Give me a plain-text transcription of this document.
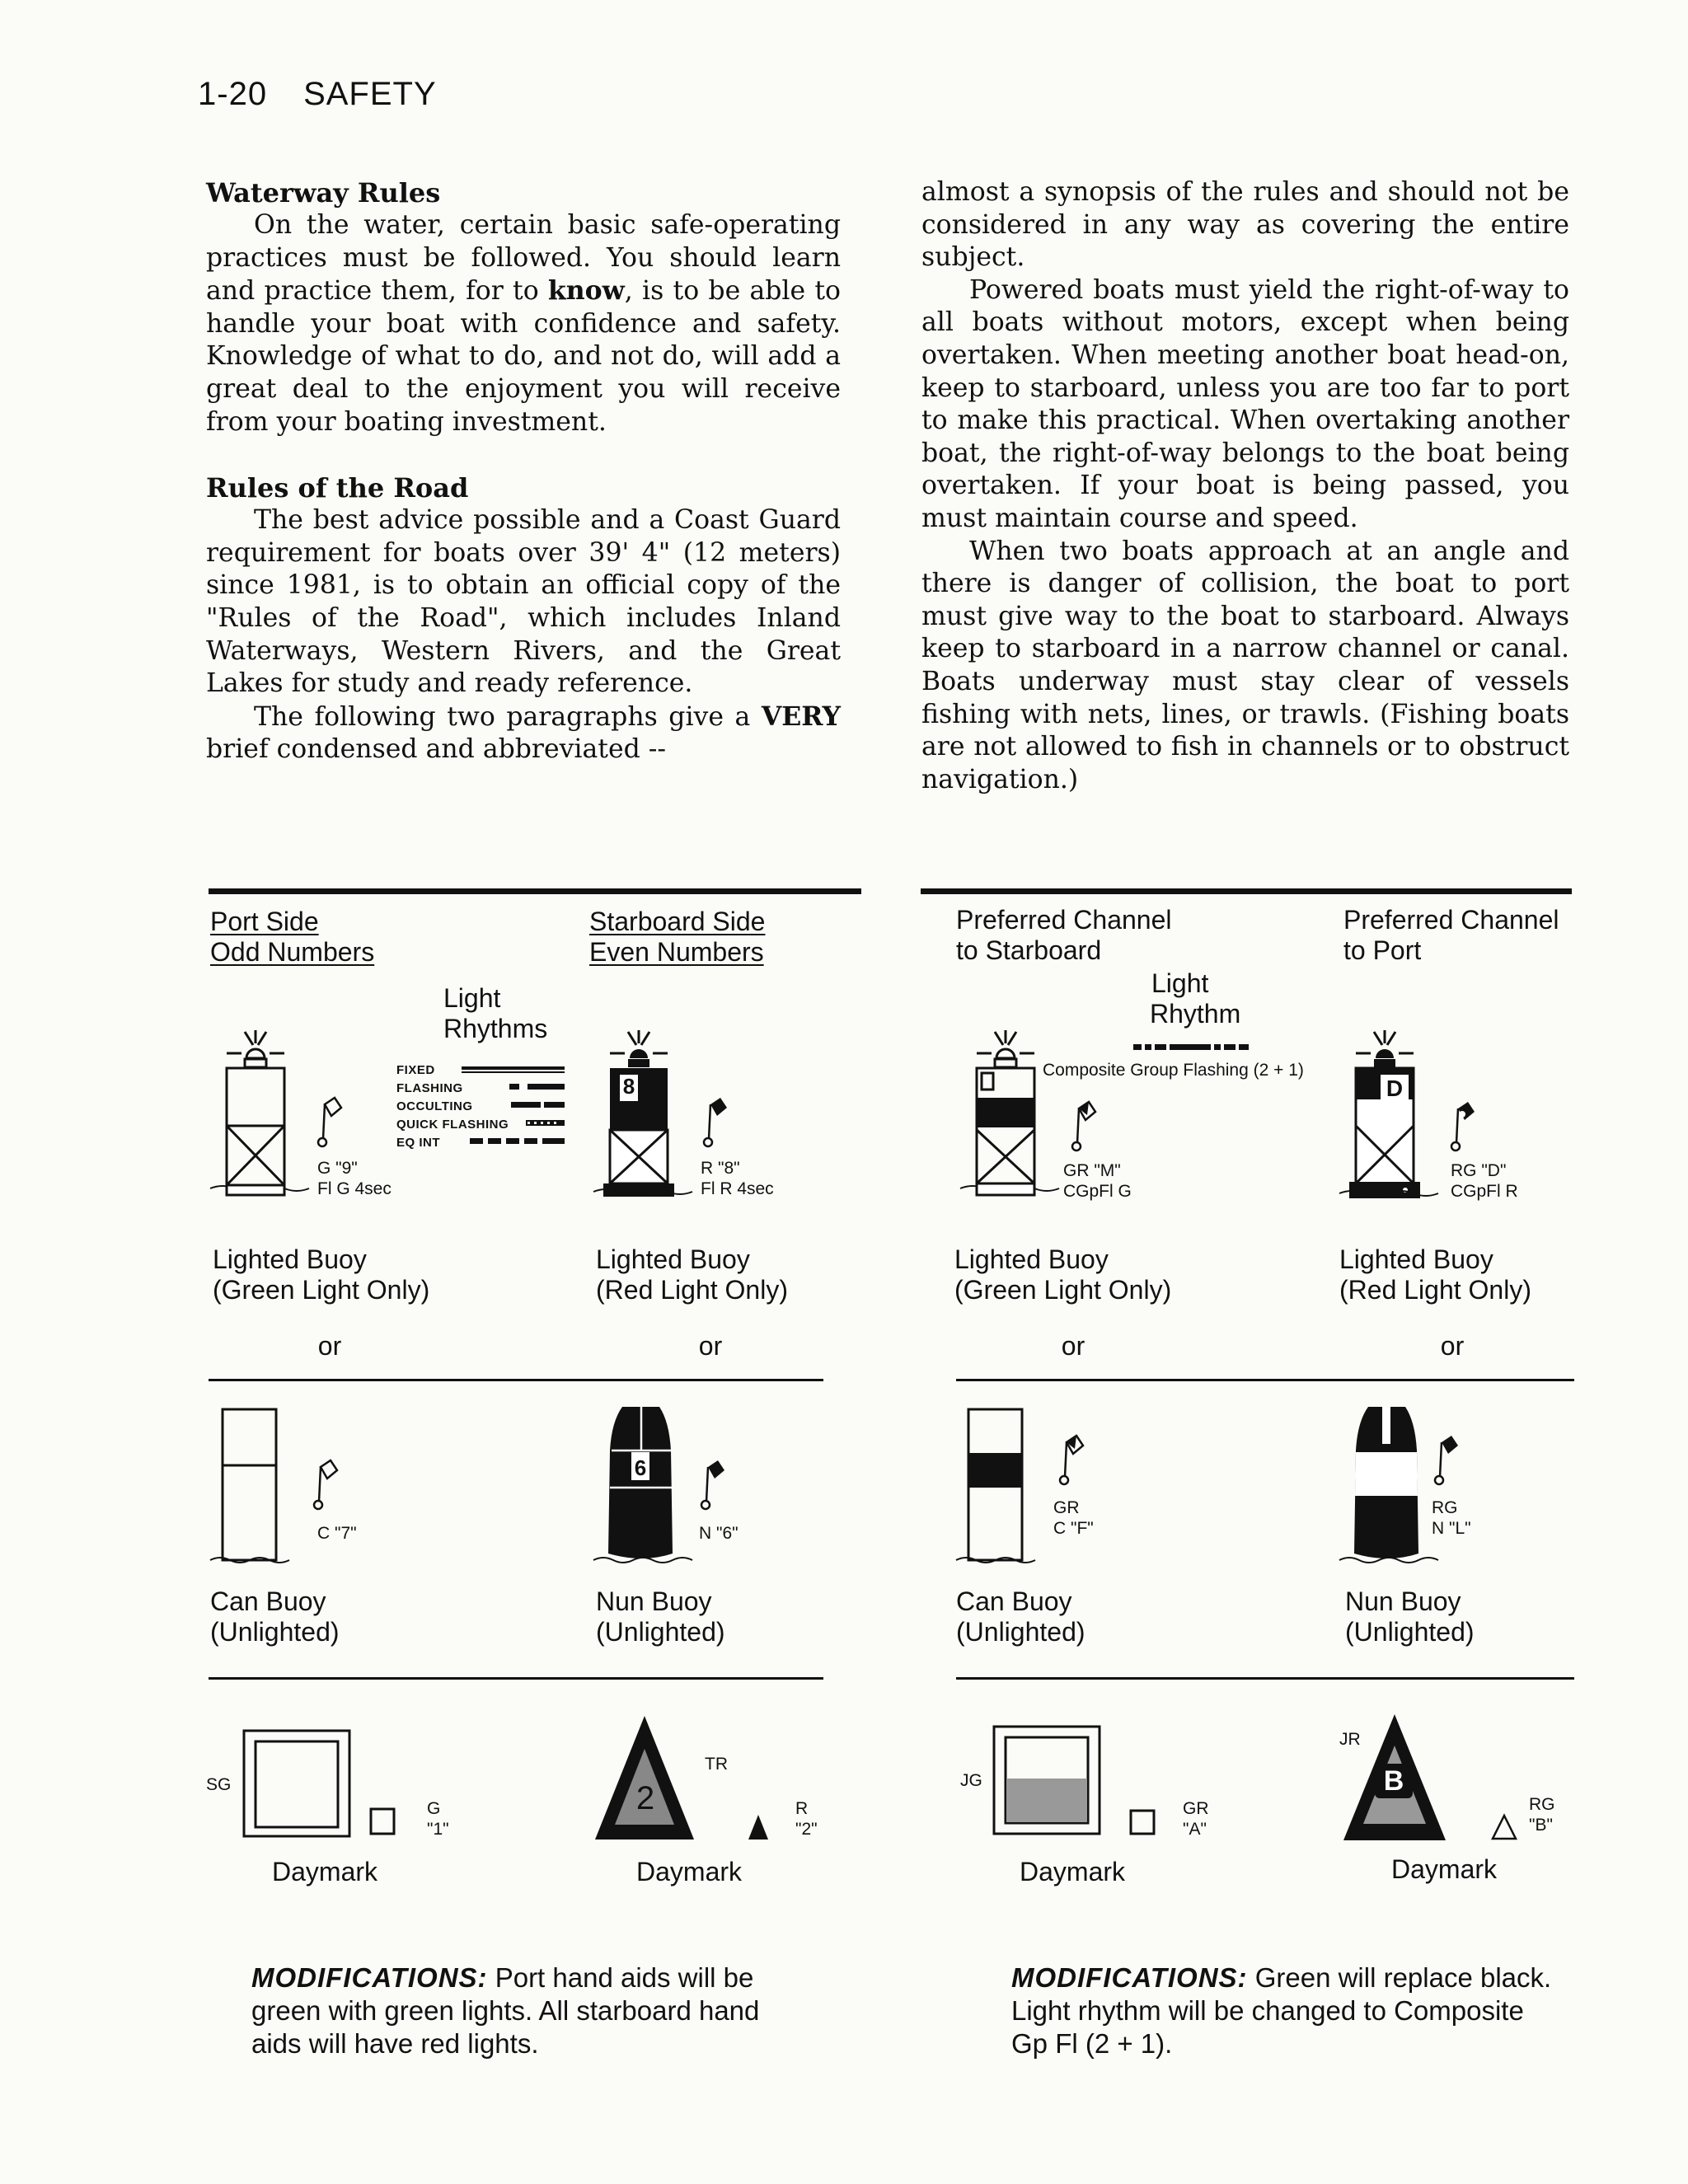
1-20 SAFETY
Waterway Rules

On the water, certain basic safe-operating practices must be followed. You should learn and practice them, for to know, is to be able to handle your boat with confidence and safety. Knowledge of what to do, and not do, will add a great deal to the enjoyment you will receive from your boating investment.

Rules of the Road

The best advice possible and a Coast Guard requirement for boats over 39' 4" (12 meters) since 1981, is to obtain an official copy of the "Rules of the Road", which includes Inland Waterways, Western Rivers, and the Great Lakes for study and ready reference.

The following two paragraphs give a VERY brief condensed and abbreviated --

almost a synopsis of the rules and should not be considered in any way as covering the entire subject.

Powered boats must yield the right-of-way to all boats without motors, except when being overtaken. When meeting another boat head-on, keep to starboard, unless you are too far to port to make this practical. When overtaking another boat, the right-of-way belongs to the boat being overtaken. If your boat is being passed, you must maintain course and speed.

When two boats approach at an angle and there is danger of collision, the boat to port must give way to the boat to starboard. Always keep to starboard in a narrow channel or canal. Boats underway must stay clear of vessels fishing with nets, lines, or trawls. (Fishing boats are not allowed to fish in channels or to obstruct navigation.)

Port Side
Odd Numbers
Starboard Side
Even Numbers
Light
Rhythms
FIXED
FLASHING
OCCULTING
QUICK FLASHING
EQ INT
G "9"
Fl G 4sec
8
R "8"
Fl R 4sec
Lighted Buoy
(Green Light Only)
Lighted Buoy
(Red Light Only)
or	or
C "7"
6
N "6"
Can Buoy
(Unlighted)
Nun Buoy
(Unlighted)
SG
G
"1"
2
TR
R
"2"
Daymark	Daymark
MODIFICATIONS: Port hand aids will be green with green lights. All starboard hand aids will have red lights.
Preferred Channel
to Starboard
Preferred Channel
to Port
Light
Rhythm
Composite Group Flashing (2 + 1)
GR "M"
CGpFl G
D
RG "D"
CGpFl R
Lighted Buoy
(Green Light Only)
Lighted Buoy
(Red Light Only)
or	or
GR
C "F"
RG
N "L"
Can Buoy
(Unlighted)
Nun Buoy
(Unlighted)
JG
GR
"A"
B
JR
RG
"B"
Daymark	Daymark
MODIFICATIONS: Green will replace black. Light rhythm will be changed to Composite Gp Fl (2 + 1).
